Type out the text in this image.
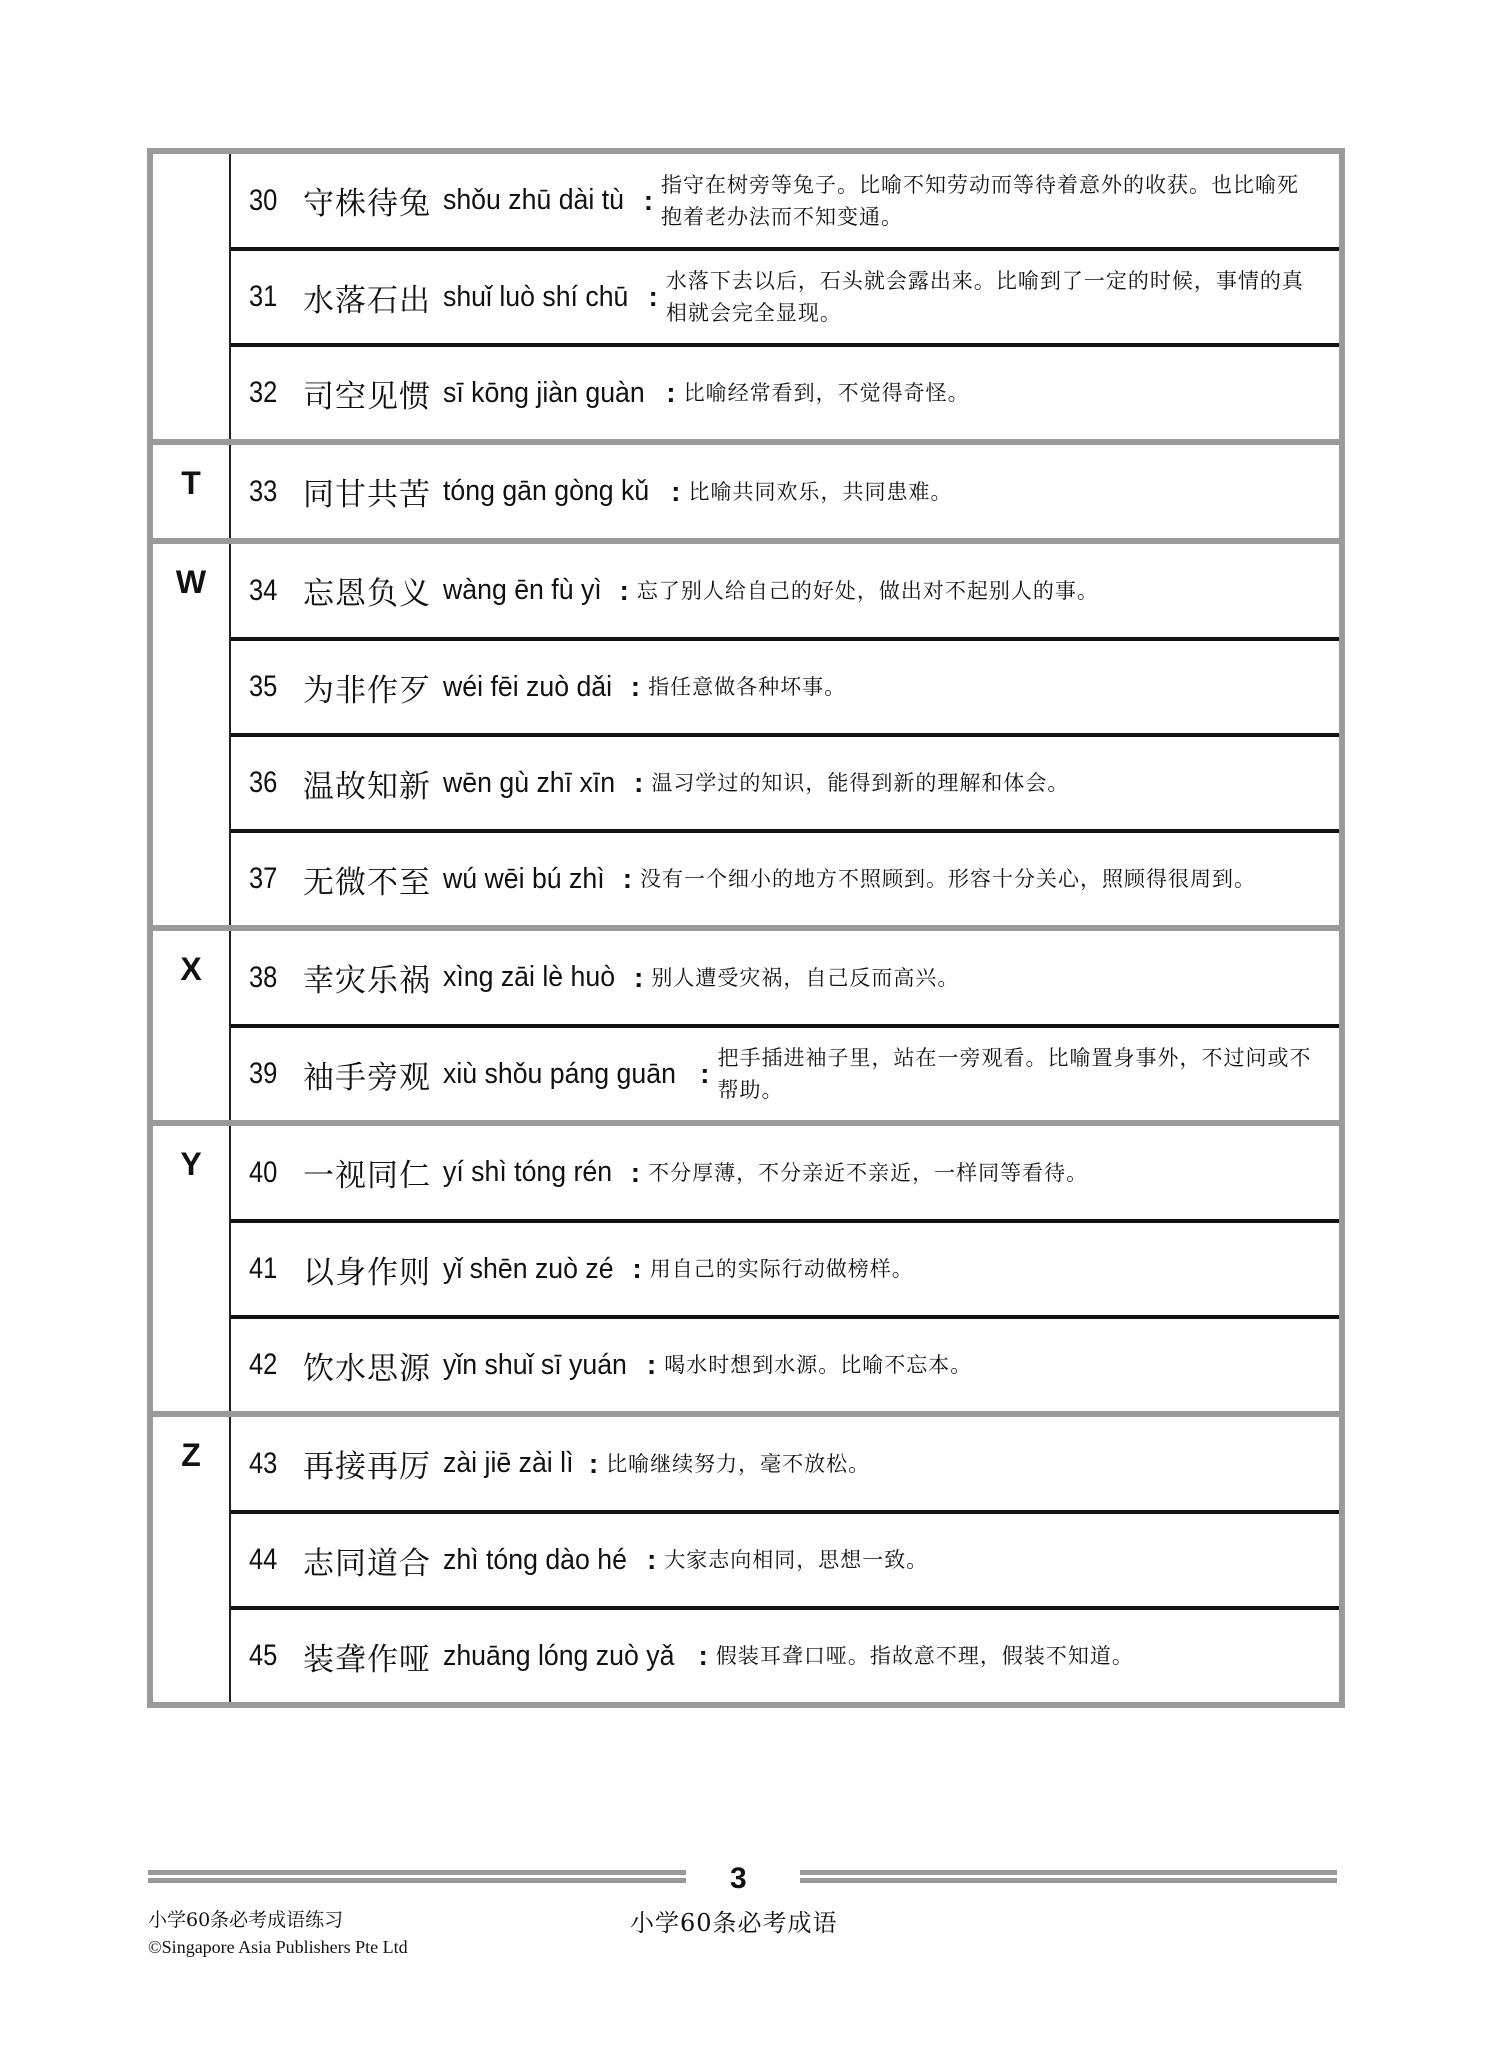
30 守株待兔 shǒu zhū dài tù : 指守在树旁等兔子。比喻不知劳动而等待着意外的收获。也比喻死抱着老办法而不知变通。
31 水落石出 shuǐ luò shí chū : 水落下去以后，石头就会露出来。比喻到了一定的时候，事情的真相就会完全显现。
32 司空见惯 sī kōng jiàn guàn : 比喻经常看到，不觉得奇怪。
T	33 同甘共苦 tóng gān gòng kǔ : 比喻共同欢乐，共同患难。
W	34 忘恩负义 wàng ēn fù yì : 忘了别人给自己的好处，做出对不起别人的事。
35 为非作歹 wéi fēi zuò dǎi : 指任意做各种坏事。
36 温故知新 wēn gù zhī xīn : 温习学过的知识，能得到新的理解和体会。
37 无微不至 wú wēi bú zhì : 没有一个细小的地方不照顾到。形容十分关心，照顾得很周到。
X	38 幸灾乐祸 xìng zāi lè huò : 别人遭受灾祸，自己反而高兴。
39 袖手旁观 xiù shǒu páng guān : 把手插进袖子里，站在一旁观看。比喻置身事外，不过问或不帮助。
Y	40 一视同仁 yí shì tóng rén : 不分厚薄，不分亲近不亲近，一样同等看待。
41 以身作则 yǐ shēn zuò zé : 用自己的实际行动做榜样。
42 饮水思源 yǐn shuǐ sī yuán : 喝水时想到水源。比喻不忘本。
Z	43 再接再厉 zài jiē zài lì : 比喻继续努力，毫不放松。
44 志同道合 zhì tóng dào hé : 大家志向相同，思想一致。
45 装聋作哑 zhuāng lóng zuò yǎ : 假装耳聋口哑。指故意不理，假装不知道。
3
小学60条必考成语练习
©Singapore Asia Publishers Pte Ltd
小学60条必考成语
